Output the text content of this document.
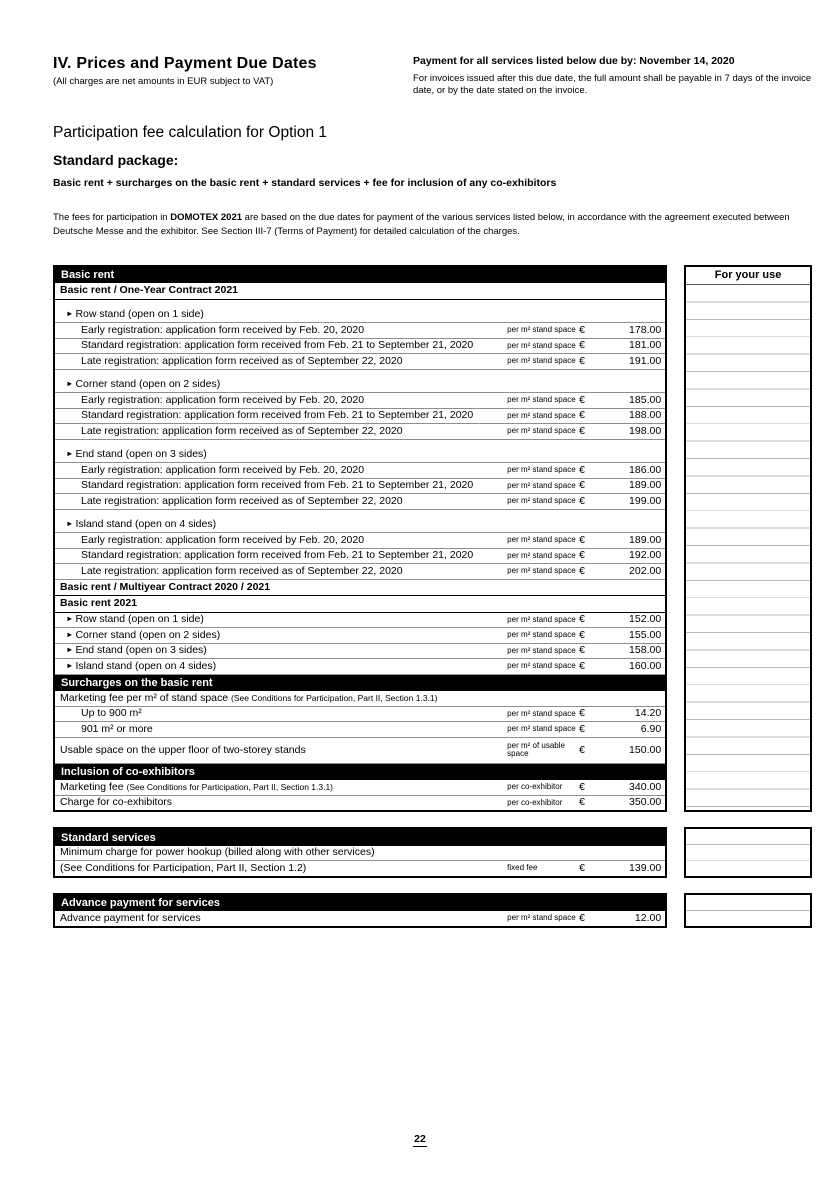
IV. Prices and Payment Due Dates
(All charges are net amounts in EUR subject to VAT)
Payment for all services listed below due by: November 14, 2020
For invoices issued after this due date, the full amount shall be payable in 7 days of the invoice date, or by the date stated on the invoice.
Participation fee calculation for Option 1
Standard package:
Basic rent + surcharges on the basic rent + standard services + fee for inclusion of any co-exhibitors
The fees for participation in DOMOTEX 2021 are based on the due dates for payment of the various services listed below, in accordance with the agreement executed between Deutsche Messe and the exhibitor. See Section III-7 (Terms of Payment) for detailed calculation of the charges.
Basic rent
Basic rent / One-Year Contract 2021
► Row stand (open on 1 side)
Early registration: application form received by Feb. 20, 2020	per m² stand space €	178.00
Standard registration: application form received from Feb. 21 to September 21, 2020	per m² stand space €	181.00
Late registration: application form received as of September 22, 2020	per m² stand space €	191.00
► Corner stand (open on 2 sides)
Early registration: application form received by Feb. 20, 2020	per m² stand space €	185.00
Standard registration: application form received from Feb. 21 to September 21, 2020	per m² stand space €	188.00
Late registration: application form received as of September 22, 2020	per m² stand space €	198.00
► End stand (open on 3 sides)
Early registration: application form received by Feb. 20, 2020	per m² stand space €	186.00
Standard registration: application form received from Feb. 21 to September 21, 2020	per m² stand space €	189.00
Late registration: application form received as of September 22, 2020	per m² stand space €	199.00
► Island stand (open on 4 sides)
Early registration: application form received by Feb. 20, 2020	per m² stand space €	189.00
Standard registration: application form received from Feb. 21 to September 21, 2020	per m² stand space €	192.00
Late registration: application form received as of September 22, 2020	per m² stand space €	202.00
Basic rent / Multiyear Contract 2020 / 2021
Basic rent 2021
► Row stand (open on 1 side)	per m² stand space €	152.00
► Corner stand (open on 2 sides)	per m² stand space €	155.00
► End stand (open on 3 sides)	per m² stand space €	158.00
► Island stand (open on 4 sides)	per m² stand space €	160.00
Surcharges on the basic rent
Marketing fee per m² of stand space (See Conditions for Participation, Part II, Section 1.3.1)
Up to 900 m²	per m² stand space €	14.20
901 m² or more	per m² stand space €	6.90
Usable space on the upper floor of two-storey stands	per m² of usable space	€	150.00
Inclusion of co-exhibitors
Marketing fee (See Conditions for Participation, Part II, Section 1.3.1)	per co-exhibitor	€	340.00
Charge for co-exhibitors	per co-exhibitor	€	350.00
For your use
Standard services
Minimum charge for power hookup (billed along with other services)
(See Conditions for Participation, Part II, Section 1.2)	fixed fee	€	139.00
Advance payment for services
Advance payment for services	per m² stand space €	12.00
22
